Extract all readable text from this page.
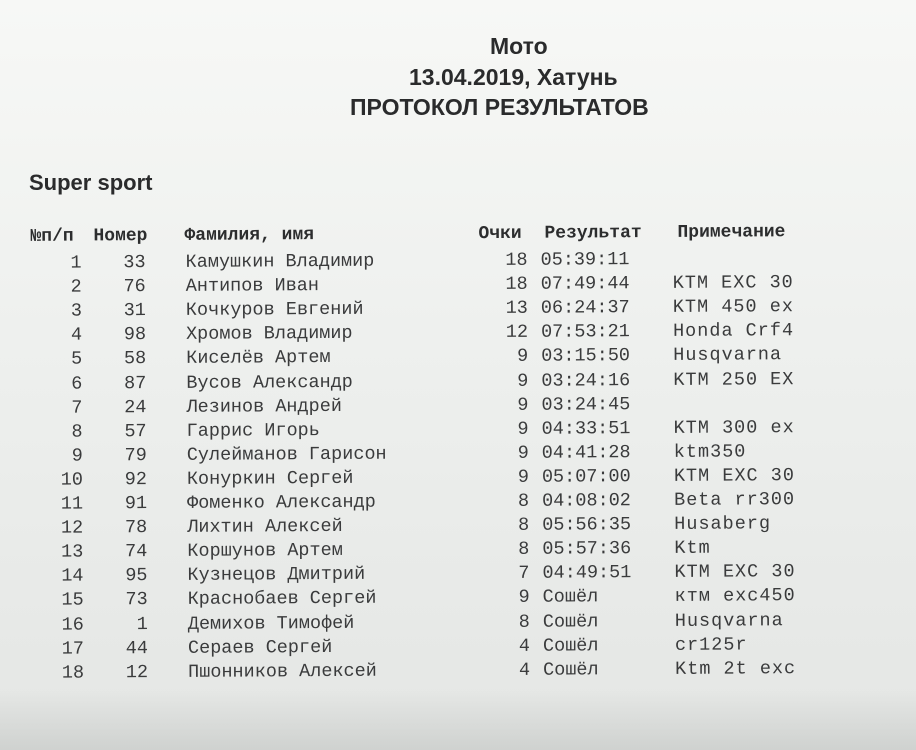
Мото
13.04.2019, Хатунь
ПРОТОКОЛ РЕЗУЛЬТАТОВ
Super sport
№п/п Номер Фамилия, имя	Очки Результат Примечание
1	33 Камушкин Владимир	18 05:39:11
2	76 Антипов Иван	18 07:49:44 KTM EXC 30
3	31 Кочкуров Евгений	13 06:24:37 KTM 450 ex
4	98 Хромов Владимир	12 07:53:21 Honda Crf4
5	58 Киселёв Артем	9 03:15:50 Husqvarna
6	87 Вусов Александр	9 03:24:16 KTM 250 EX
7	24 Лезинов Андрей	9 03:24:45
8	57 Гаррис Игорь	9 04:33:51 KTM 300 ex
9	79 Сулейманов Гарисон	9 04:41:28 ktm350
10	92 Конуркин Сергей	9 05:07:00 KTM EXC 30
11	91 Фоменко Александр	8 04:08:02 Beta rr300
12	78 Лихтин Алексей	8 05:56:35 Husaberg
13	74 Коршунов Артем	8 05:57:36 Ktm
14	95 Кузнецов Дмитрий	7 04:49:51 KTM EXC 30
15	73 Краснобаев Сергей	9 Сошёл	ктм exc450
16	1 Демихов Тимофей	8 Сошёл	Husqvarna
17	44 Сераев Сергей	4 Сошёл	cr125r
18	12 Пшонников Алексей	4 Сошёл	Ktm 2t exc
